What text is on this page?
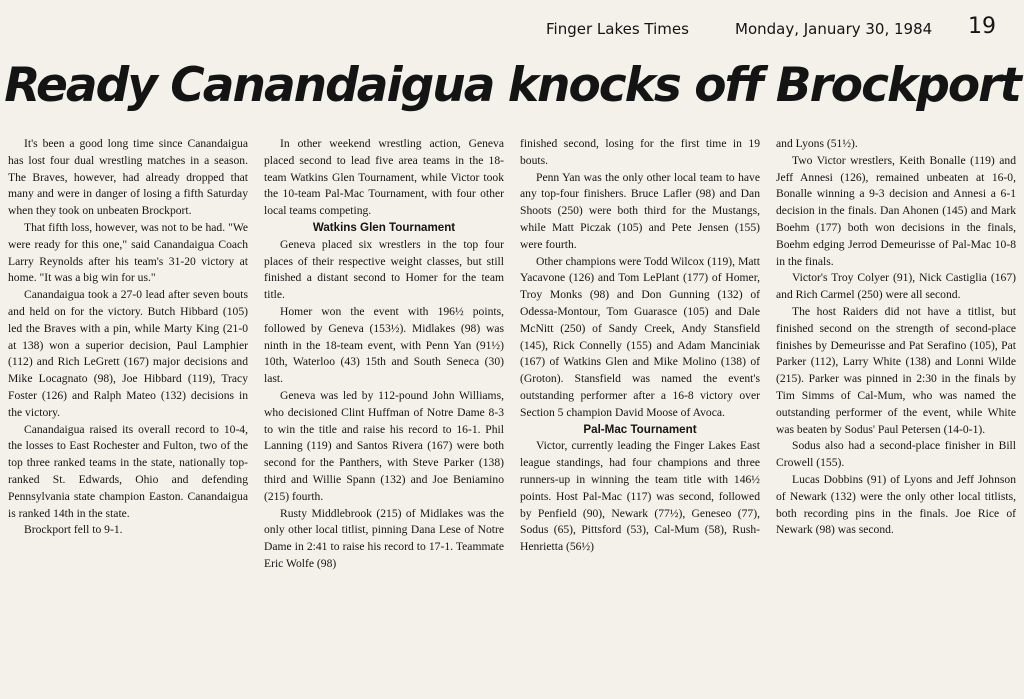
Finger Lakes Times	Monday, January 30, 1984 19
Ready Canandaigua knocks off Brockport

It's been a good long time since Canandaigua has lost four dual wrestling matches in a season. The Braves, however, had already dropped that many and were in danger of losing a fifth Saturday when they took on unbeaten Brockport.

That fifth loss, however, was not to be had. "We were ready for this one," said Canandaigua Coach Larry Reynolds after his team's 31-20 victory at home. "It was a big win for us."

Canandaigua took a 27-0 lead after seven bouts and held on for the victory. Butch Hibbard (105) led the Braves with a pin, while Marty King (21-0 at 138) won a superior decision, Paul Lamphier (112) and Rich LeGrett (167) major decisions and Mike Locagnato (98), Joe Hibbard (119), Tracy Foster (126) and Ralph Mateo (132) decisions in the victory.

Canandaigua raised its overall record to 10-4, the losses to East Rochester and Fulton, two of the top three ranked teams in the state, nationally top-ranked St. Edwards, Ohio and defending Pennsylvania state champion Easton. Canandaigua is ranked 14th in the state.

Brockport fell to 9-1.

In other weekend wrestling action, Geneva placed second to lead five area teams in the 18-team Watkins Glen Tournament, while Victor took the 10-team Pal-Mac Tournament, with four other local teams competing.

Watkins Glen Tournament

Geneva placed six wrestlers in the top four places of their respective weight classes, but still finished a distant second to Homer for the team title.

Homer won the event with 196½ points, followed by Geneva (153½). Midlakes (98) was ninth in the 18-team event, with Penn Yan (91½) 10th, Waterloo (43) 15th and South Seneca (30) last.

Geneva was led by 112-pound John Williams, who decisioned Clint Huffman of Notre Dame 8-3 to win the title and raise his record to 16-1. Phil Lanning (119) and Santos Rivera (167) were both second for the Panthers, with Steve Parker (138) third and Willie Spann (132) and Joe Beniamino (215) fourth.

Rusty Middlebrook (215) of Midlakes was the only other local titlist, pinning Dana Lese of Notre Dame in 2:41 to raise his record to 17-1. Teammate Eric Wolfe (98)

finished second, losing for the first time in 19 bouts.

Penn Yan was the only other local team to have any top-four finishers. Bruce Lafler (98) and Dan Shoots (250) were both third for the Mustangs, while Matt Piczak (105) and Pete Jensen (155) were fourth.

Other champions were Todd Wilcox (119), Matt Yacavone (126) and Tom LePlant (177) of Homer, Troy Monks (98) and Don Gunning (132) of Odessa-Montour, Tom Guarasce (105) and Dale McNitt (250) of Sandy Creek, Andy Stansfield (145), Rick Connelly (155) and Adam Manciniak (167) of Watkins Glen and Mike Molino (138) of (Groton). Stansfield was named the event's outstanding performer after a 16-8 victory over Section 5 champion David Moose of Avoca.

Pal-Mac Tournament

Victor, currently leading the Finger Lakes East league standings, had four champions and three runners-up in winning the team title with 146½ points. Host Pal-Mac (117) was second, followed by Penfield (90), Newark (77½), Geneseo (77), Sodus (65), Pittsford (53), Cal-Mum (58), Rush-Henrietta (56½)

and Lyons (51½).

Two Victor wrestlers, Keith Bonalle (119) and Jeff Annesi (126), remained unbeaten at 16-0, Bonalle winning a 9-3 decision and Annesi a 6-1 decision in the finals. Dan Ahonen (145) and Mark Boehm (177) both won decisions in the finals, Boehm edging Jerrod Demeurisse of Pal-Mac 10-8 in the finals.

Victor's Troy Colyer (91), Nick Castiglia (167) and Rich Carmel (250) were all second.

The host Raiders did not have a titlist, but finished second on the strength of second-place finishes by Demeurisse and Pat Serafino (105), Pat Parker (112), Larry White (138) and Lonni Wilde (215). Parker was pinned in 2:30 in the finals by Tim Simms of Cal-Mum, who was named the outstanding performer of the event, while White was beaten by Sodus' Paul Petersen (14-0-1).

Sodus also had a second-place finisher in Bill Crowell (155).

Lucas Dobbins (91) of Lyons and Jeff Johnson of Newark (132) were the only other local titlists, both recording pins in the finals. Joe Rice of Newark (98) was second.
